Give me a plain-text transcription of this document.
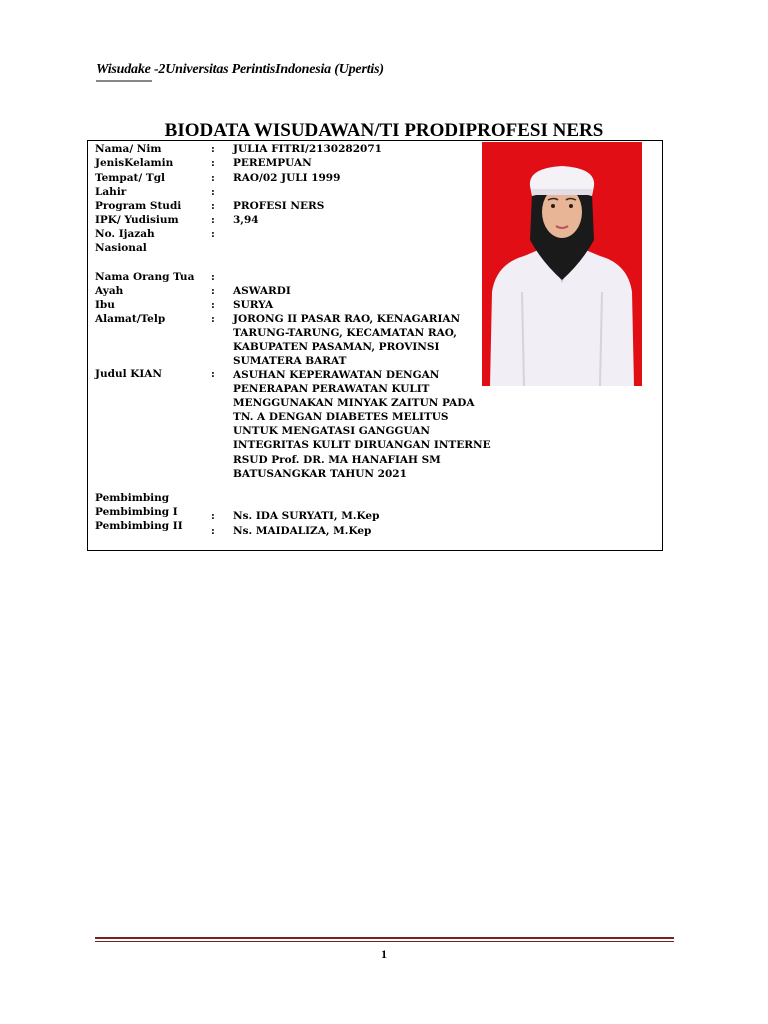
Wisudake -2Universitas PerintisIndonesia (Upertis)
BIODATA WISUDAWAN/TI PRODIPROFESI NERS
Nama/ Nim
JenisKelamin
Tempat/ Tgl
Lahir
Program Studi
IPK/ Yudisium
No. Ijazah
Nasional
Nama Orang Tua
Ayah
Ibu
Alamat/Telp
Judul KIAN
Pembimbing
Pembimbing I
Pembimbing II
:
:
:
:
:
:
:
:
:
:
:
:
:
:
JULIA FITRI/2130282071
PEREMPUAN
RAO/02 JULI 1999
PROFESI NERS
3,94
ASWARDI
SURYA
JORONG II PASAR RAO, KENAGARIAN
TARUNG-TARUNG, KECAMATAN RAO,
KABUPATEN PASAMAN, PROVINSI
SUMATERA BARAT
ASUHAN KEPERAWATAN DENGAN
PENERAPAN PERAWATAN KULIT
MENGGUNAKAN MINYAK ZAITUN PADA
TN. A DENGAN DIABETES MELITUS
UNTUK MENGATASI GANGGUAN
INTEGRITAS KULIT DIRUANGAN INTERNE
RSUD Prof. DR. MA HANAFIAH SM
BATUSANGKAR TAHUN 2021
Ns. IDA SURYATI, M.Kep
Ns. MAIDALIZA, M.Kep
1
